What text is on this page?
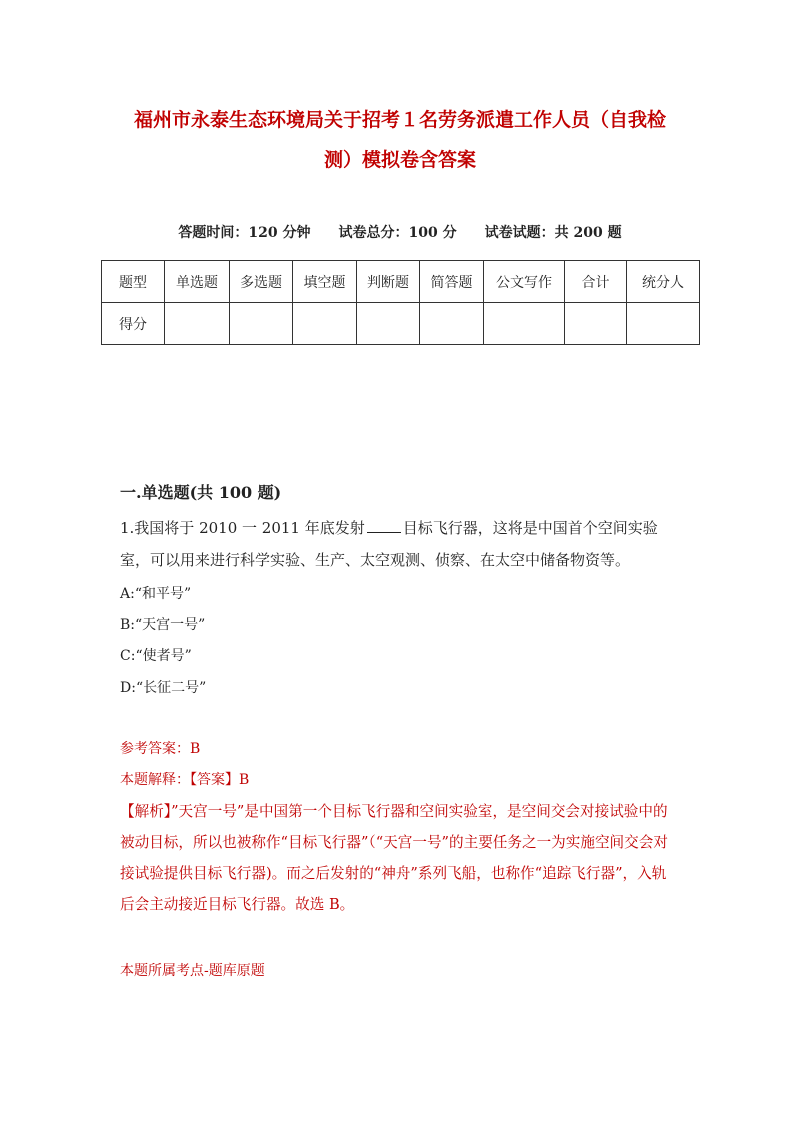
福州市永泰生态环境局关于招考１名劳务派遣工作人员（自我检
测）模拟卷含答案
答题时间：120 分钟　　试卷总分：100 分　　试卷试题：共 200 题
题型	单选题	多选题	填空题	判断题	简答题	公文写作	合计	统分人
得分								
一.单选题(共 100 题)
1.我国将于 2010 一 2011 年底发射	目标飞行器，这将是中国首个空间实验室，可以用来进行科学实验、生产、太空观测、侦察、在太空中储备物资等。
A:“和平号”
B:“天宫一号”
C:“使者号”
D:“长征二号”
参考答案：B
本题解释：【答案】B
【解析】”天宫一号”是中国第一个目标飞行器和空间实验室，是空间交会对接试验中的被动目标，所以也被称作“目标飞行器”（“天宫一号”的主要任务之一为实施空间交会对接试验提供目标飞行器)。而之后发射的“神舟”系列飞船，也称作“追踪飞行器”，入轨后会主动接近目标飞行器。故选 B。
本题所属考点-题库原题
